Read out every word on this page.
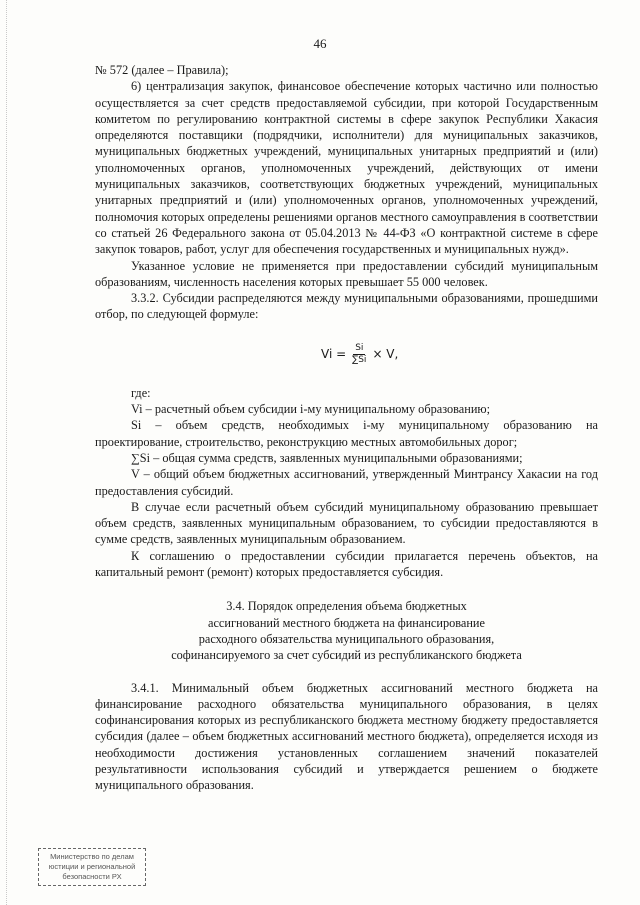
46

№ 572 (далее – Правила);

6) централизация закупок, финансовое обеспечение которых частично или полностью осуществляется за счет средств предоставляемой субсидии, при которой Государственным комитетом по регулированию контрактной системы в сфере закупок Республики Хакасия определяются поставщики (подрядчики, исполнители) для муниципальных заказчиков, муниципальных бюджетных учреждений, муниципальных унитарных предприятий и (или) уполномоченных органов, уполномоченных учреждений, действующих от имени муниципальных заказчиков, соответствующих бюджетных учреждений, муниципальных унитарных предприятий и (или) уполномоченных органов, уполномоченных учреждений, полномочия которых определены решениями органов местного самоуправления в соответствии со статьей 26 Федерального закона от 05.04.2013 № 44-ФЗ «О контрактной системе в сфере закупок товаров, работ, услуг для обеспечения государственных и муниципальных нужд».

Указанное условие не применяется при предоставлении субсидий муниципальным образованиям, численность населения которых превышает 55 000 человек.

3.3.2. Субсидии распределяются между муниципальными образованиями, прошедшими отбор, по следующей формуле:

$Vi = \frac{Si}{\sum Si} \times V$,

где:

Vi – расчетный объем субсидии i-му муниципальному образованию;

Si – объем средств, необходимых i-му муниципальному образованию на проектирование, строительство, реконструкцию местных автомобильных дорог;

∑Si – общая сумма средств, заявленных муниципальными образованиями;

V – общий объем бюджетных ассигнований, утвержденный Минтрансу Хакасии на год предоставления субсидий.

В случае если расчетный объем субсидий муниципальному образованию превышает объем средств, заявленных муниципальным образованием, то субсидии предоставляются в сумме средств, заявленных муниципальным образованием.

К соглашению о предоставлении субсидии прилагается перечень объектов, на капитальный ремонт (ремонт) которых предоставляется субсидия.

3.4. Порядок определения объема бюджетных
ассигнований местного бюджета на финансирование
расходного обязательства муниципального образования,
софинансируемого за счет субсидий из республиканского бюджета

3.4.1. Минимальный объем бюджетных ассигнований местного бюджета на финансирование расходного обязательства муниципального образования, в целях софинансирования которых из республиканского бюджета местному бюджету предоставляется субсидия (далее – объем бюджетных ассигнований местного бюджета), определяется исходя из необходимости достижения установленных соглашением значений показателей результативности использования субсидий и утверждается решением о бюджете муниципального образования.

Министерство по делам
юстиции и региональной
безопасности РХ
